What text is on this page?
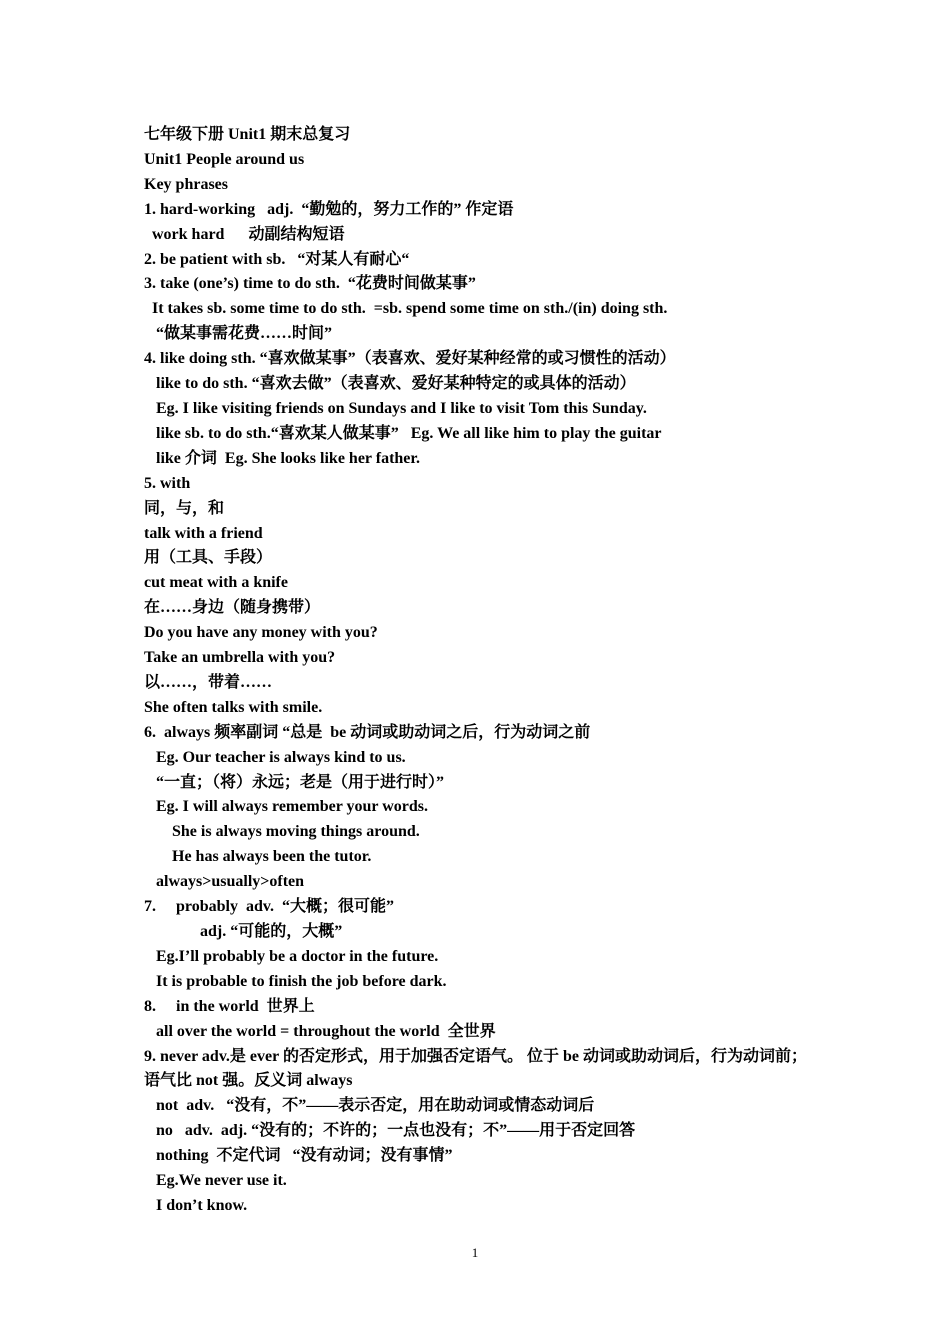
七年级下册 Unit1 期末总复习

Unit1 People around us

Key phrases

1. hard-working   adj.  “勤勉的，努力工作的” 作定语

work hard      动副结构短语

2. be patient with sb.   “对某人有耐心“

3. take (one’s) time to do sth.  “花费时间做某事”

It takes sb. some time to do sth.  =sb. spend some time on sth./(in) doing sth.

“做某事需花费……时间”

4. like doing sth. “喜欢做某事”（表喜欢、爱好某种经常的或习惯性的活动）

like to do sth. “喜欢去做”（表喜欢、爱好某种特定的或具体的活动）

Eg. I like visiting friends on Sundays and I like to visit Tom this Sunday.

like sb. to do sth.“喜欢某人做某事”   Eg. We all like him to play the guitar

like 介词  Eg. She looks like her father.

5. with

同，与，和

talk with a friend

用（工具、手段）

cut meat with a knife

在……身边（随身携带）

Do you have any money with you?

Take an umbrella with you?

以……，带着……

She often talks with smile.

6.  always 频率副词 “总是  be 动词或助动词之后，行为动词之前

Eg. Our teacher is always kind to us.

“一直；（将）永远；老是（用于进行时）”

Eg. I will always remember your words.

She is always moving things around.

He has always been the tutor.

always>usually>often

7.     probably  adv.  “大概；很可能”

adj. “可能的，大概”

Eg.I’ll probably be a doctor in the future.

It is probable to finish the job before dark.

8.     in the world  世界上

all over the world = throughout the world  全世界

9. never adv.是 ever 的否定形式，用于加强否定语气。 位于 be 动词或助动词后，行为动词前；语气比 not 强。反义词 always

not  adv.   “没有，不”——表示否定，用在助动词或情态动词后

no   adv.  adj. “没有的；不许的；一点也没有；不”——用于否定回答

nothing  不定代词   “没有动词；没有事情”

Eg.We never use it.

I don’t know.

1
